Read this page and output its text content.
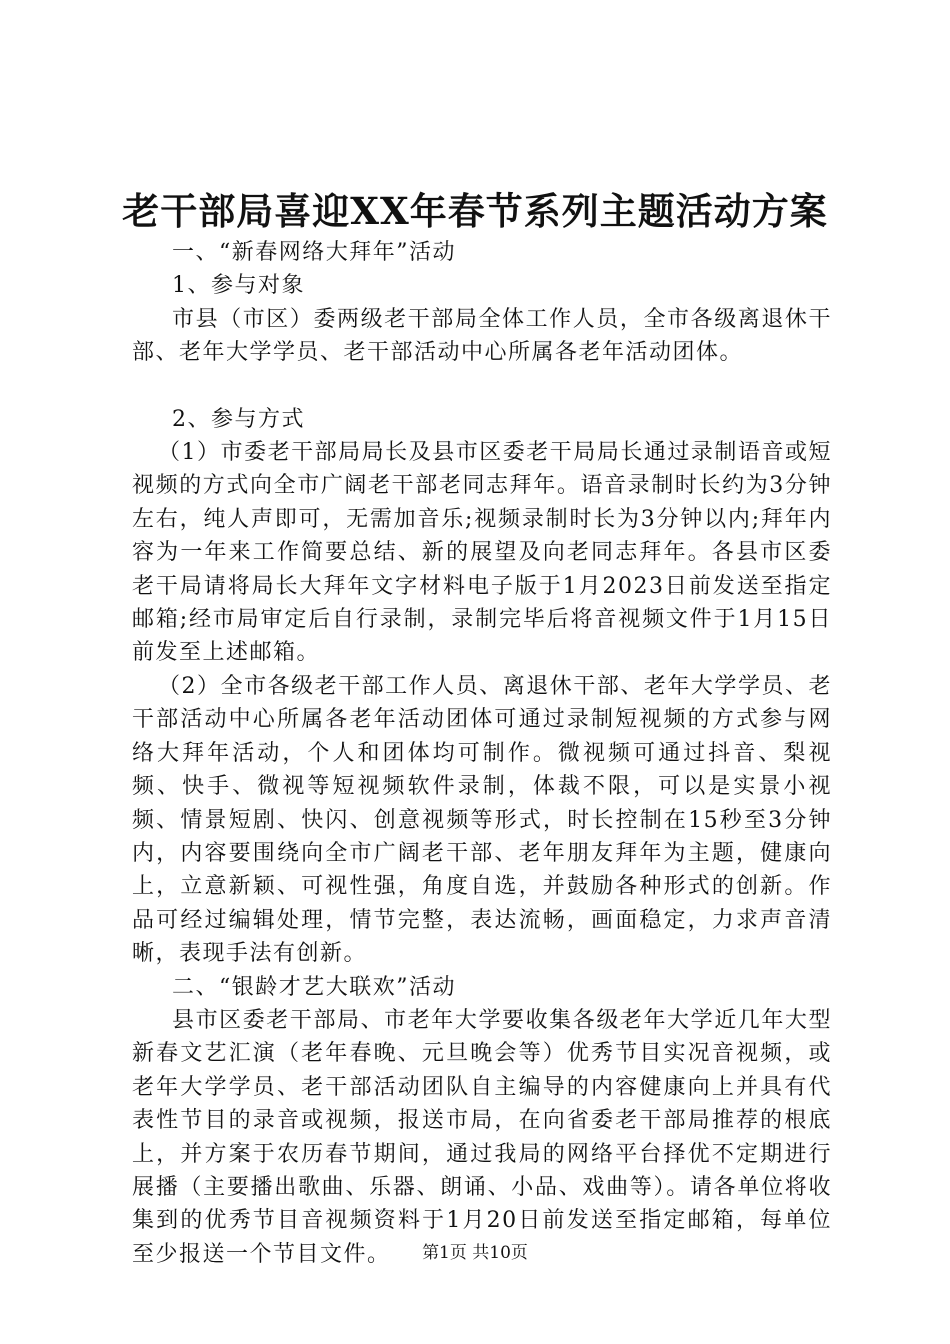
老干部局喜迎XX年春节系列主题活动方案

一、“新春网络大拜年”活动

1、参与对象

市县（市区）委两级老干部局全体工作人员，全市各级离退休干部、老年大学学员、老干部活动中心所属各老年活动团体。

2、参与方式

（1）市委老干部局局长及县市区委老干局局长通过录制语音或短视频的方式向全市广阔老干部老同志拜年。语音录制时长约为3分钟左右，纯人声即可，无需加音乐;视频录制时长为3分钟以内;拜年内容为一年来工作简要总结、新的展望及向老同志拜年。各县市区委老干局请将局长大拜年文字材料电子版于1月2023日前发送至指定邮箱;经市局审定后自行录制，录制完毕后将音视频文件于1月15日前发至上述邮箱。

（2）全市各级老干部工作人员、离退休干部、老年大学学员、老干部活动中心所属各老年活动团体可通过录制短视频的方式参与网络大拜年活动，个人和团体均可制作。微视频可通过抖音、梨视频、快手、微视等短视频软件录制，体裁不限，可以是实景小视频、情景短剧、快闪、创意视频等形式，时长控制在15秒至3分钟内，内容要围绕向全市广阔老干部、老年朋友拜年为主题，健康向上，立意新颖、可视性强，角度自选，并鼓励各种形式的创新。作品可经过编辑处理，情节完整，表达流畅，画面稳定，力求声音清晰，表现手法有创新。

二、“银龄才艺大联欢”活动

县市区委老干部局、市老年大学要收集各级老年大学近几年大型新春文艺汇演（老年春晚、元旦晚会等）优秀节目实况音视频，或老年大学学员、老干部活动团队自主编导的内容健康向上并具有代表性节目的录音或视频，报送市局，在向省委老干部局推荐的根底上，并方案于农历春节期间，通过我局的网络平台择优不定期进行展播（主要播出歌曲、乐器、朗诵、小品、戏曲等）。请各单位将收集到的优秀节目音视频资料于1月20日前发送至指定邮箱，每单位至少报送一个节目文件。	第1页 共10页
